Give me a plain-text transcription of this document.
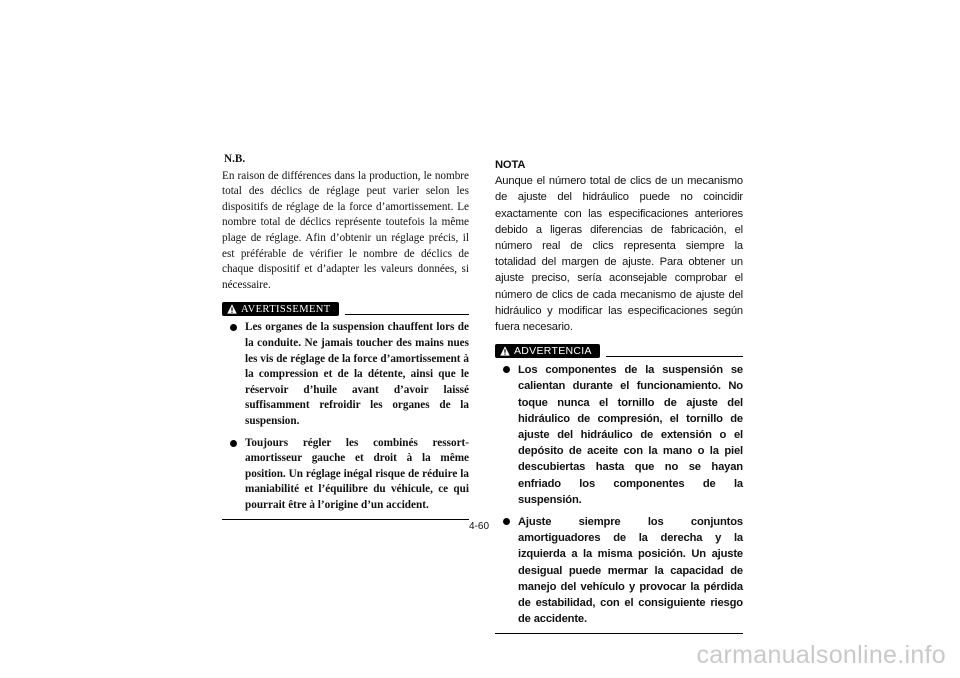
N.B.
En raison de différences dans la production, le nombre total des déclics de réglage peut varier selon les dispositifs de réglage de la force d’amortissement. Le nombre total de déclics représente toutefois la même plage de réglage. Afin d’obtenir un réglage précis, il est préférable de vérifier le nombre de déclics de chaque dispositif et d’adapter les valeurs données, si nécessaire.
AVERTISSEMENT
Les organes de la suspension chauffent lors de la conduite. Ne jamais toucher des mains nues les vis de réglage de la force d’amortissement à la compression et de la détente, ainsi que le réservoir d’huile avant d’avoir laissé suffisamment refroidir les organes de la suspension.
Toujours régler les combinés ressort-amortisseur gauche et droit à la même position. Un réglage inégal risque de réduire la maniabilité et l’équilibre du véhicule, ce qui pourrait être à l’origine d’un accident.
NOTA
Aunque el número total de clics de un mecanismo de ajuste del hidráulico puede no coincidir exactamente con las especificaciones anteriores debido a ligeras diferencias de fabricación, el número real de clics representa siempre la totalidad del margen de ajuste. Para obtener un ajuste preciso, sería aconsejable comprobar el número de clics de cada mecanismo de ajuste del hidráulico y modificar las especificaciones según fuera necesario.
ADVERTENCIA
Los componentes de la suspensión se calientan durante el funcionamiento. No toque nunca el tornillo de ajuste del hidráulico de compresión, el tornillo de ajuste del hidráulico de extensión o el depósito de aceite con la mano o la piel descubiertas hasta que no se hayan enfriado los componentes de la suspensión.
Ajuste siempre los conjuntos amortiguadores de la derecha y la izquierda a la misma posición. Un ajuste desigual puede mermar la capacidad de manejo del vehículo y provocar la pérdida de estabilidad, con el consiguiente riesgo de accidente.
4-60
carmanualsonline.info
